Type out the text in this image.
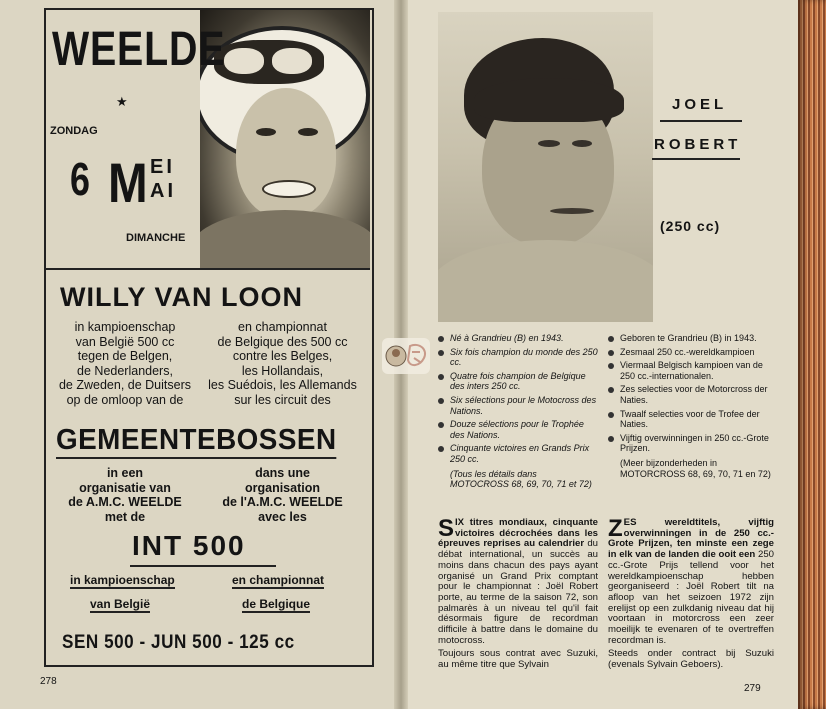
WEELDE
★
ZONDAG
6 M EI
AI
DIMANCHE
WILLY VAN LOON
in kampioenschap
van België 500 cc
tegen de Belgen,
de Nederlanders,
de Zweden, de Duitsers
op de omloop van de
en championnat
de Belgique des 500 cc
contre les Belges,
les Hollandais,
les Suédois, les Allemands
sur les circuit des
GEMEENTEBOSSEN
in een
organisatie van
de A.M.C. WEELDE
met de
dans une
organisation
de l'A.M.C. WEELDE
avec les
INT 500
in kampioenschap
van België
en championnat
de Belgique
SEN 500 - JUN 500 - 125 cc
278
JOEL
ROBERT
(250 cc)
Né à Grandrieu (B) en 1943.
Six fois champion du monde des 250 cc.
Quatre fois champion de Belgique des inters 250 cc.
Six sélections pour le Motocross des Nations.
Douze sélections pour le Trophée des Nations.
Cinquante victoires en Grands Prix 250 cc.
(Tous les détails dans MOTOCROSS 68, 69, 70, 71 et 72)
Geboren te Grandrieu (B) in 1943.
Zesmaal 250 cc.-wereldkampioen
Viermaal Belgisch kampioen van de 250 cc.-internationalen.
Zes selecties voor de Motorcross der Naties.
Twaalf selecties voor de Trofee der Naties.
Vijftig overwinningen in 250 cc.-Grote Prijzen.
(Meer bijzonderheden in MOTORCROSS 68, 69, 70, 71 en 72)

S IX titres mondiaux, cinquante victoires décrochées dans les épreuves reprises au calendrier du débat international, un succès au moins dans chacun des pays ayant organisé un Grand Prix comptant pour le championnat : Joël Robert porte, au terme de la saison 72, son palmarès à un niveau tel qu'il fait désormais figure de recordman difficile à battre dans le domaine du motocross.

Toujours sous contrat avec Suzuki, au même titre que Sylvain

Z ES wereldtitels, vijftig overwinningen in de 250 cc.-Grote Prijzen, ten minste een zege in elk van de landen die ooit een 250 cc.-Grote Prijs tellend voor het wereldkampioenschap hebben georganiseerd : Joël Robert tilt na afloop van het seizoen 1972 zijn erelijst op een zulkdanig niveau dat hij voortaan in motorcross een zeer moeilijk te evenaren of te overtreffen recordman is.

Steeds onder contract bij Suzuki (evenals Sylvain Geboers).

279
